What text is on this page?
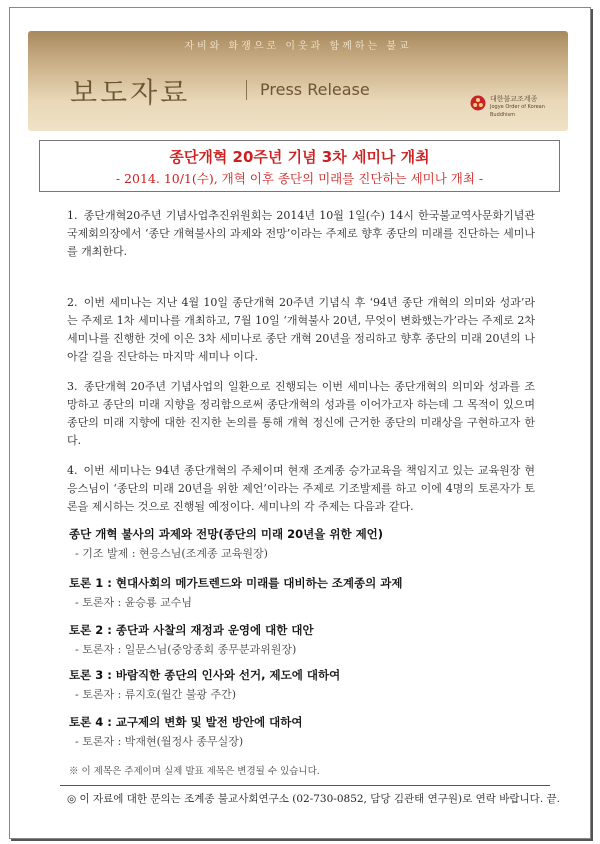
자비와 화쟁으로 이웃과 함께하는 불교
보도자료	Press Release	대한불교조계종
Jogye Order of Korean Buddhism
종단개혁 20주년 기념 3차 세미나 개최
- 2014. 10/1(수), 개혁 이후 종단의 미래를 진단하는 세미나 개최 -
1. 종단개혁20주년 기념사업추진위원회는 2014년 10월 1일(수) 14시 한국불교역사문화기념관 국제회의장에서 ‘종단 개혁불사의 과제와 전망’이라는 주제로 향후 종단의 미래를 진단하는 세미나를 개최한다.
2. 이번 세미나는 지난 4월 10일 종단개혁 20주년 기념식 후 ‘94년 종단 개혁의 의미와 성과’라는 주제로 1차 세미나를 개최하고, 7월 10일 ‘개혁불사 20년, 무엇이 변화했는가’라는 주제로 2차 세미나를 진행한 것에 이은 3차 세미나로 종단 개혁 20년을 정리하고 향후 종단의 미래 20년의 나아갈 길을 진단하는 마지막 세미나 이다.
3. 종단개혁 20주년 기념사업의 일환으로 진행되는 이번 세미나는 종단개혁의 의미와 성과를 조망하고 종단의 미래 지향을 정리함으로써 종단개혁의 성과를 이어가고자 하는데 그 목적이 있으며 종단의 미래 지향에 대한 진지한 논의를 통해 개혁 정신에 근거한 종단의 미래상을 구현하고자 한다.
4. 이번 세미나는 94년 종단개혁의 주체이며 현재 조계종 승가교육을 책임지고 있는 교육원장 현응스님이 ‘종단의 미래 20년을 위한 제언’이라는 주제로 기조발제를 하고 이에 4명의 토론자가 토론을 제시하는 것으로 진행될 예정이다. 세미나의 각 주제는 다음과 같다.
종단 개혁 불사의 과제와 전망(종단의 미래 20년을 위한 제언)
- 기조 발제 : 현응스님(조계종 교육원장)
토론 1 : 현대사회의 메가트렌드와 미래를 대비하는 조계종의 과제
- 토론자 : 윤승룡 교수님
토론 2 : 종단과 사찰의 재정과 운영에 대한 대안
- 토론자 : 일문스님(중앙종회 종무분과위원장)
토론 3 : 바람직한 종단의 인사와 선거, 제도에 대하여
- 토론자 : 류지호(월간 불광 주간)
토론 4 : 교구제의 변화 및 발전 방안에 대하여
- 토론자 : 박재현(월정사 종무실장)
※ 이 제목은 주제이며 실제 발표 제목은 변경될 수 있습니다.
◎ 이 자료에 대한 문의는 조계종 불교사회연구소 (02-730-0852, 담당 김관태 연구원)로 연락 바랍니다. 끝.
